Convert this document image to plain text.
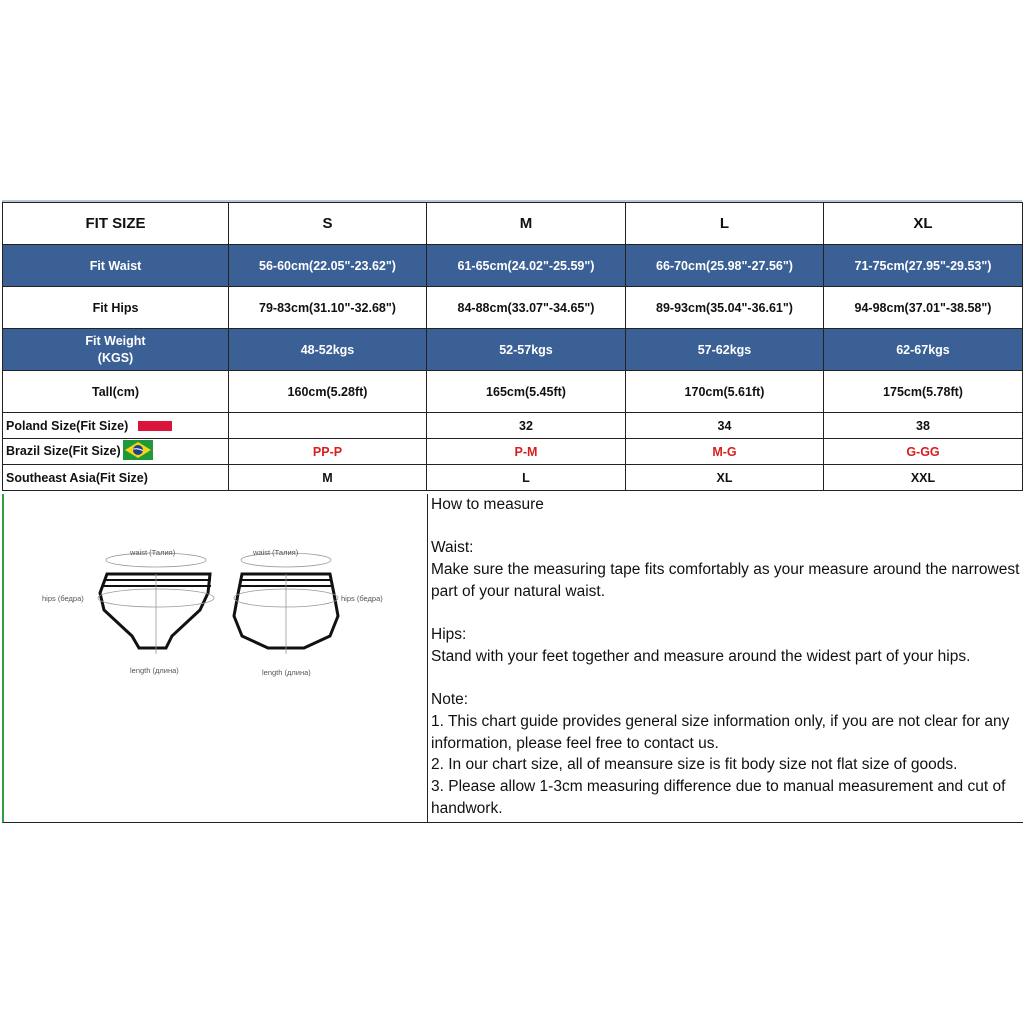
FIT SIZE	S	M	L	XL
Fit Waist	56-60cm(22.05"-23.62")	61-65cm(24.02"-25.59")	66-70cm(25.98"-27.56")	71-75cm(27.95"-29.53")
Fit Hips	79-83cm(31.10"-32.68")	84-88cm(33.07"-34.65")	89-93cm(35.04"-36.61")	94-98cm(37.01"-38.58")
Fit Weight (KGS)	48-52kgs	52-57kgs	57-62kgs	62-67kgs
Tall(cm)	160cm(5.28ft)	165cm(5.45ft)	170cm(5.61ft)	175cm(5.78ft)
Poland Size(Fit Size)		32	34	38
Brazil Size(Fit Size)	PP-P	P-M	M-G	G-GG
Southeast Asia(Fit Size)	M	L	XL	XXL
waist (Талия)
hips (бедра)
length (длина)
waist (Талия)
hips (бедра)
length (длина)

How to measure

Waist:

Make sure the measuring tape fits comfortably as your measure around the narrowest part of your natural waist.

Hips:

Stand with your feet together and measure around the widest part of your hips.

Note:

1. This chart guide provides general size information only, if you are not clear for any information, please feel free to contact us.

2. In our chart size, all of meansure size is fit body size not flat size of goods.

3. Please allow 1-3cm measuring difference due to manual measurement and cut of handwork.
